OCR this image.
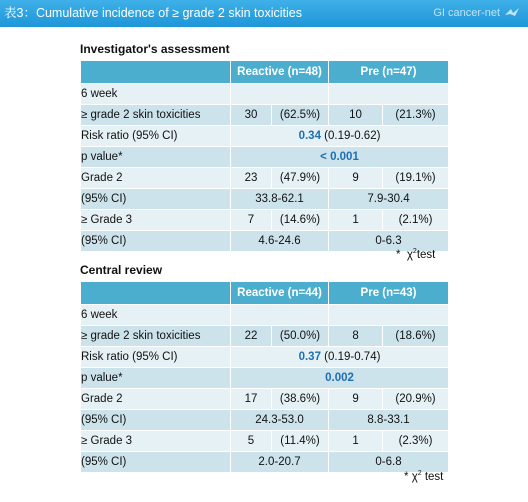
表3：Cumulative incidence of ≥ grade 2 skin toxicities	GI cancer-net
Investigator's assessment
	Reactive (n=48)		Pre (n=47)	
6 week				
≥ grade 2 skin toxicities	30	(62.5%)	10	(21.3%)
Risk ratio (95% CI)	0.34 (0.19-0.62)			
p value*	< 0.001			
Grade 2	23	(47.9%)	9	(19.1%)
(95% CI)	33.8-62.1		7.9-30.4	
≥ Grade 3	7	(14.6%)	1	(2.1%)
(95% CI)	4.6-24.6		0-6.3	
* $\chi^2test$
Central review
	Reactive (n=44)		Pre (n=43)	
6 week				
≥ grade 2 skin toxicities	22	(50.0%)	8	(18.6%)
Risk ratio (95% CI)	0.37 (0.19-0.74)			
p value*	0.002			
Grade 2	17	(38.6%)	9	(20.9%)
(95% CI)	24.3-53.0		8.8-33.1	
≥ Grade 3	5	(11.4%)	1	(2.3%)
(95% CI)	2.0-20.7		0-6.8	
* $\chi^2$ test
